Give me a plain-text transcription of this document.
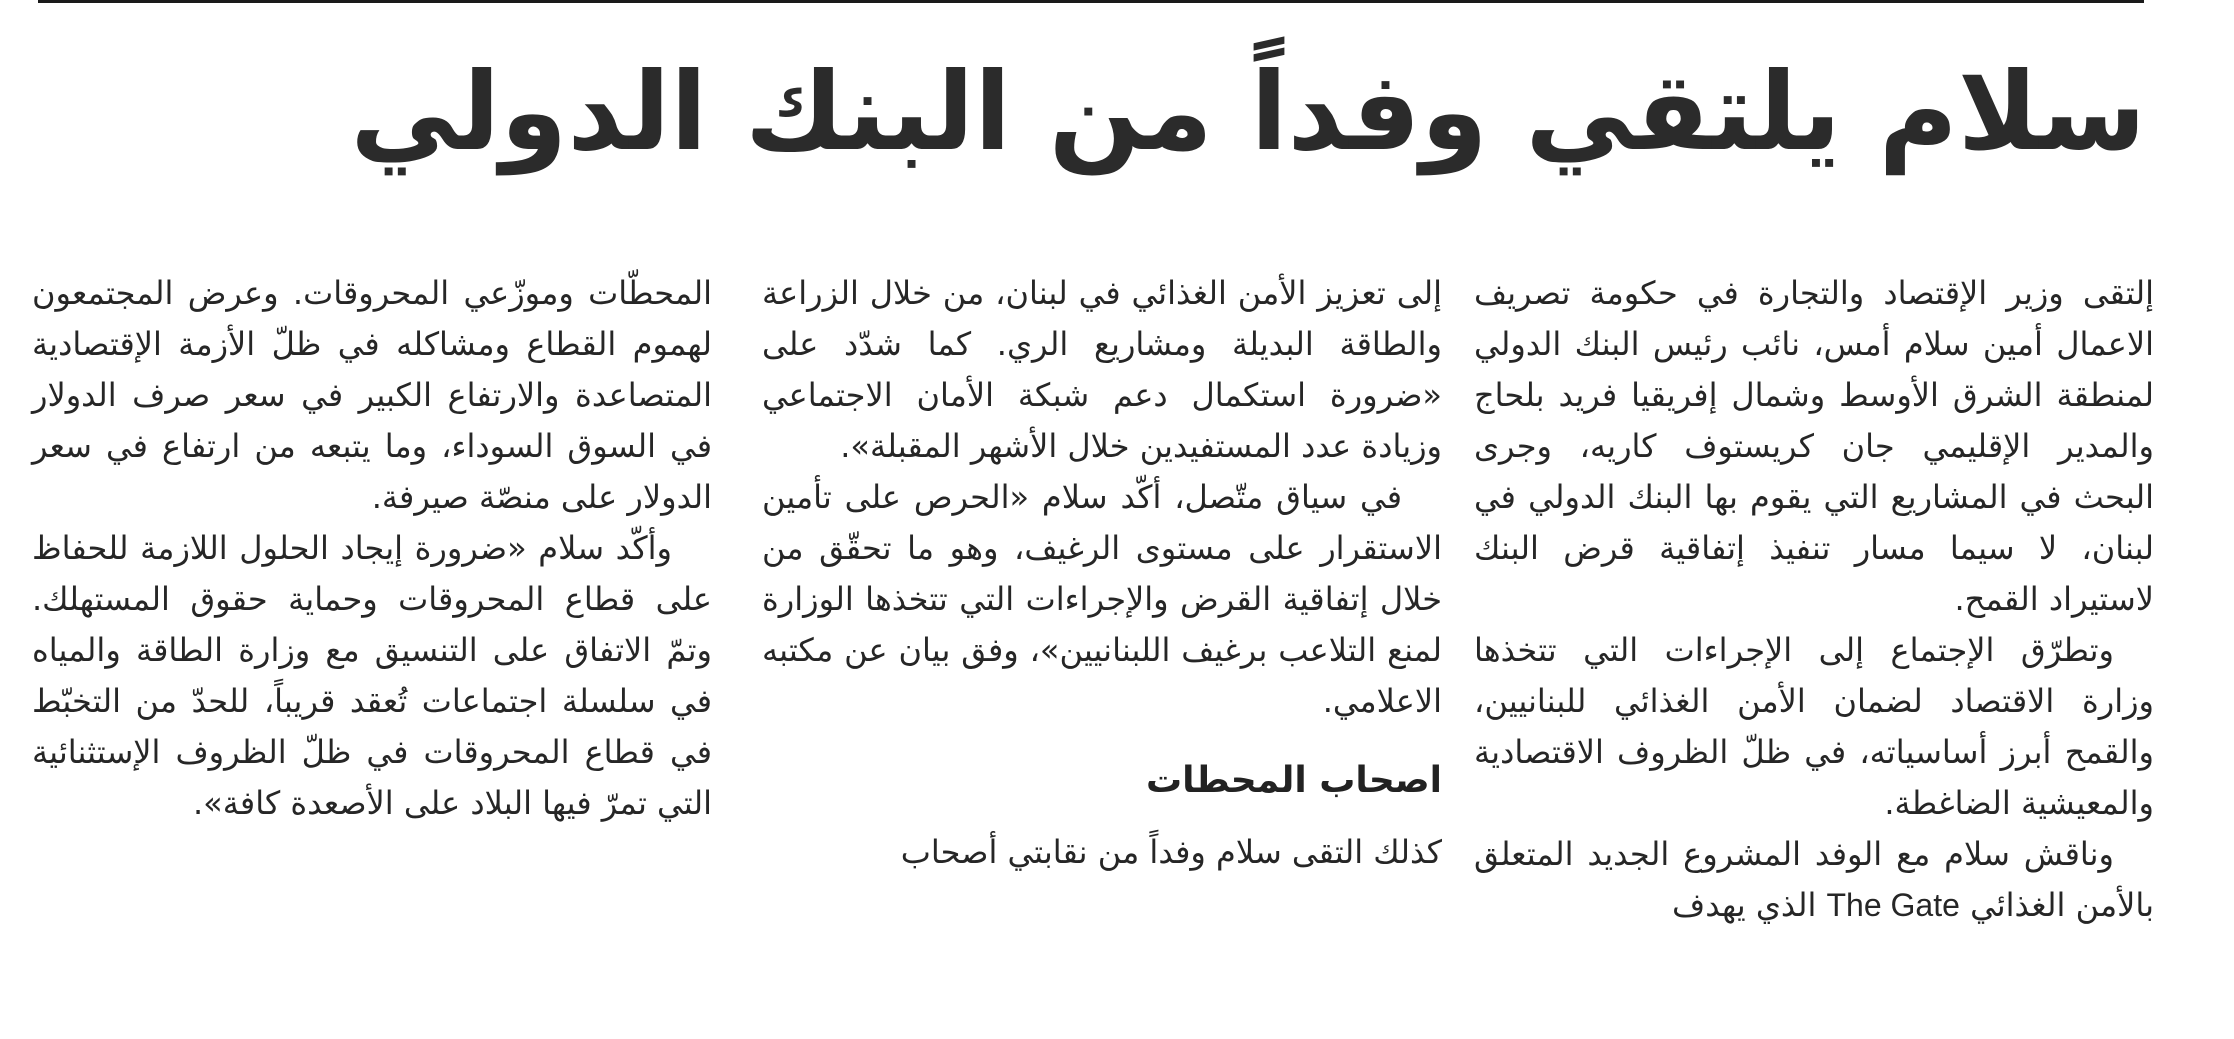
سلام يلتقي وفداً من البنك الدولي

إلتقى وزير الإقتصاد والتجارة في حكومة تصريف الاعمال أمين سلام أمس، نائب رئيس البنك الدولي لمنطقة الشرق الأوسط وشمال إفريقيا فريد بلحاج والمدير الإقليمي جان كريستوف كاريه، وجرى البحث في المشاريع التي يقوم بها البنك الدولي في لبنان، لا سيما مسار تنفيذ إتفاقية قرض البنك لاستيراد القمح.

وتطرّق الإجتماع إلى الإجراءات التي تتخذها وزارة الاقتصاد لضمان الأمن الغذائي للبنانيين، والقمح أبرز أساسياته، في ظلّ الظروف الاقتصادية والمعيشية الضاغطة.

وناقش سلام مع الوفد المشروع الجديد المتعلق بالأمن الغذائي The Gate الذي يهدف

إلى تعزيز الأمن الغذائي في لبنان، من خلال الزراعة والطاقة البديلة ومشاريع الري. كما شدّد على «ضرورة استكمال دعم شبكة الأمان الاجتماعي وزيادة عدد المستفيدين خلال الأشهر المقبلة».

في سياق متّصل، أكّد سلام «الحرص على تأمين الاستقرار على مستوى الرغيف، وهو ما تحقّق من خلال إتفاقية القرض والإجراءات التي تتخذها الوزارة لمنع التلاعب برغيف اللبنانيين»، وفق بيان عن مكتبه الاعلامي.

اصحاب المحطات

كذلك التقى سلام وفداً من نقابتي أصحاب

المحطّات وموزّعي المحروقات. وعرض المجتمعون لهموم القطاع ومشاكله في ظلّ الأزمة الإقتصادية المتصاعدة والارتفاع الكبير في سعر صرف الدولار في السوق السوداء، وما يتبعه من ارتفاع في سعر الدولار على منصّة صيرفة.

وأكّد سلام «ضرورة إيجاد الحلول اللازمة للحفاظ على قطاع المحروقات وحماية حقوق المستهلك. وتمّ الاتفاق على التنسيق مع وزارة الطاقة والمياه في سلسلة اجتماعات تُعقد قريباً، للحدّ من التخبّط في قطاع المحروقات في ظلّ الظروف الإستثنائية التي تمرّ فيها البلاد على الأصعدة كافة».
